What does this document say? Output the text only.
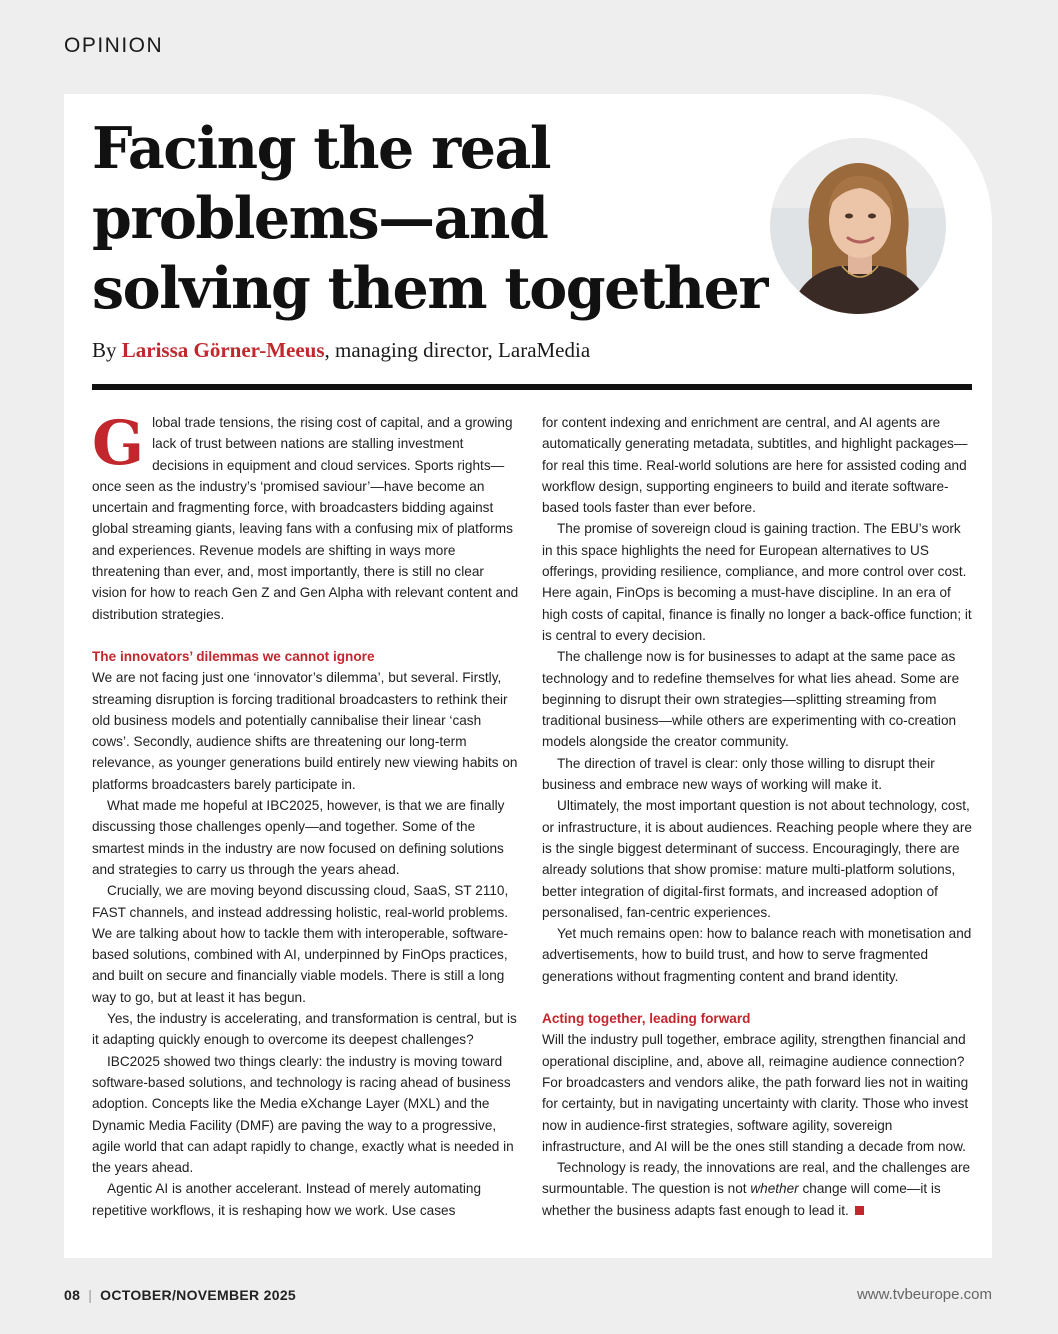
OPINION
Facing the real
problems—and
solving them together
By Larissa Görner-Meeus, managing director, LaraMedia

Global trade tensions, the rising cost of capital, and a growing lack of trust between nations are stalling investment decisions in equipment and cloud services. Sports rights—once seen as the industry’s ‘promised saviour’—have become an uncertain and fragmenting force, with broadcasters bidding against global streaming giants, leaving fans with a confusing mix of platforms and experiences. Revenue models are shifting in ways more threatening than ever, and, most importantly, there is still no clear vision for how to reach Gen Z and Gen Alpha with relevant content and distribution strategies.

The innovators’ dilemmas we cannot ignore

We are not facing just one ‘innovator’s dilemma’, but several. Firstly, streaming disruption is forcing traditional broadcasters to rethink their old business models and potentially cannibalise their linear ‘cash cows’. Secondly, audience shifts are threatening our long-term relevance, as younger generations build entirely new viewing habits on platforms broadcasters barely participate in.

What made me hopeful at IBC2025, however, is that we are finally discussing those challenges openly—and together. Some of the smartest minds in the industry are now focused on defining solutions and strategies to carry us through the years ahead.

Crucially, we are moving beyond discussing cloud, SaaS, ST 2110, FAST channels, and instead addressing holistic, real-world problems. We are talking about how to tackle them with interoperable, software-based solutions, combined with AI, underpinned by FinOps practices, and built on secure and financially viable models. There is still a long way to go, but at least it has begun.

Yes, the industry is accelerating, and transformation is central, but is it adapting quickly enough to overcome its deepest challenges?

IBC2025 showed two things clearly: the industry is moving toward software-based solutions, and technology is racing ahead of business adoption. Concepts like the Media eXchange Layer (MXL) and the Dynamic Media Facility (DMF) are paving the way to a progressive, agile world that can adapt rapidly to change, exactly what is needed in the years ahead.

Agentic AI is another accelerant. Instead of merely automating repetitive workflows, it is reshaping how we work. Use cases

for content indexing and enrichment are central, and AI agents are automatically generating metadata, subtitles, and highlight packages—for real this time. Real-world solutions are here for assisted coding and workflow design, supporting engineers to build and iterate software-based tools faster than ever before.

The promise of sovereign cloud is gaining traction. The EBU’s work in this space highlights the need for European alternatives to US offerings, providing resilience, compliance, and more control over cost. Here again, FinOps is becoming a must-have discipline. In an era of high costs of capital, finance is finally no longer a back-office function; it is central to every decision.

The challenge now is for businesses to adapt at the same pace as technology and to redefine themselves for what lies ahead. Some are beginning to disrupt their own strategies—splitting streaming from traditional business—while others are experimenting with co-creation models alongside the creator community.

The direction of travel is clear: only those willing to disrupt their business and embrace new ways of working will make it.

Ultimately, the most important question is not about technology, cost, or infrastructure, it is about audiences. Reaching people where they are is the single biggest determinant of success. Encouragingly, there are already solutions that show promise: mature multi-platform solutions, better integration of digital-first formats, and increased adoption of personalised, fan-centric experiences.

Yet much remains open: how to balance reach with monetisation and advertisements, how to build trust, and how to serve fragmented generations without fragmenting content and brand identity.

Acting together, leading forward

Will the industry pull together, embrace agility, strengthen financial and operational discipline, and, above all, reimagine audience connection? For broadcasters and vendors alike, the path forward lies not in waiting for certainty, but in navigating uncertainty with clarity. Those who invest now in audience-first strategies, software agility, sovereign infrastructure, and AI will be the ones still standing a decade from now.

Technology is ready, the innovations are real, and the challenges are surmountable. The question is not whether change will come—it is whether the business adapts fast enough to lead it.

08 | OCTOBER/NOVEMBER 2025	www.tvbeurope.com
